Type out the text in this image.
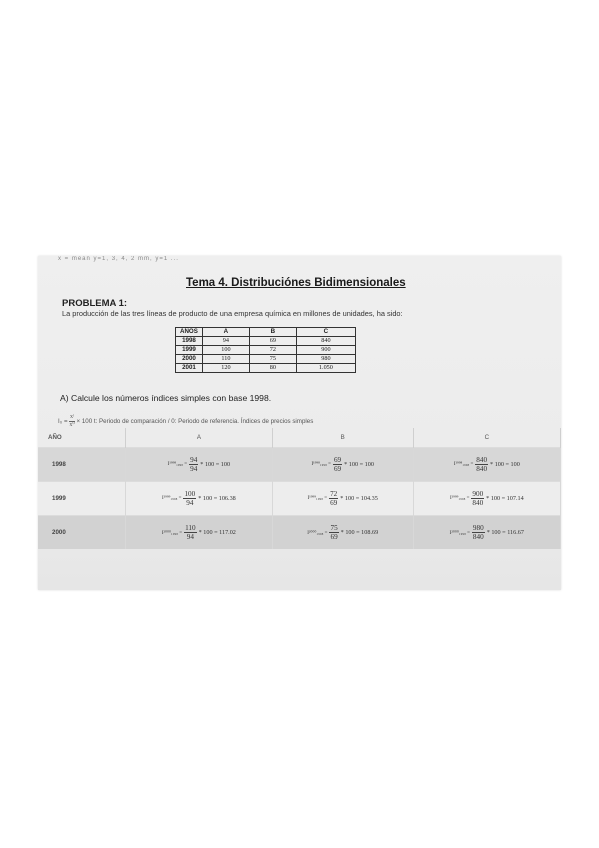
ẋ = mean y=1, 3, 4, 2 mm, y=1 ...
Tema 4. Distribuciónes Bidimensionales
PROBLEMA 1:
La producción de las tres líneas de producto de una empresa química en millones de unidades, ha sido:
AÑOS	A	B	C
1998	94	69	840
1999	100	72	900
2000	110	75	980
2001	120	80	1.050
A) Calcule los números índices simples con base 1998.
$I_0 = \frac{\text{xᵗ}}{\text{x⁰}} \times 100$ t: Periodo de comparación / 0: Periodo de referencia. Índices de precios simples
AÑO	A	B	C
1998	$I^{1998}_{1998} = \frac{94}{94} * 100 = 100$	$I^{1998}_{1998} = \frac{69}{69} * 100 = 100$	$I^{1998}_{1998} = \frac{840}{840} * 100 = 100$

1999	$I^{1999}_{1998} = \frac{100}{94} * 100 = 106.38$	$I^{1999}_{1998} = \frac{72}{69} * 100 = 104.35$	$I^{1999}_{1998} = \frac{900}{840} * 100 = 107.14$

2000	$I^{2000}_{1998} = \frac{110}{94} * 100 = 117.02$	$I^{2000}_{1998} = \frac{75}{69} * 100 = 108.69$	$I^{2000}_{1998} = \frac{980}{840} * 100 = 116.67$
